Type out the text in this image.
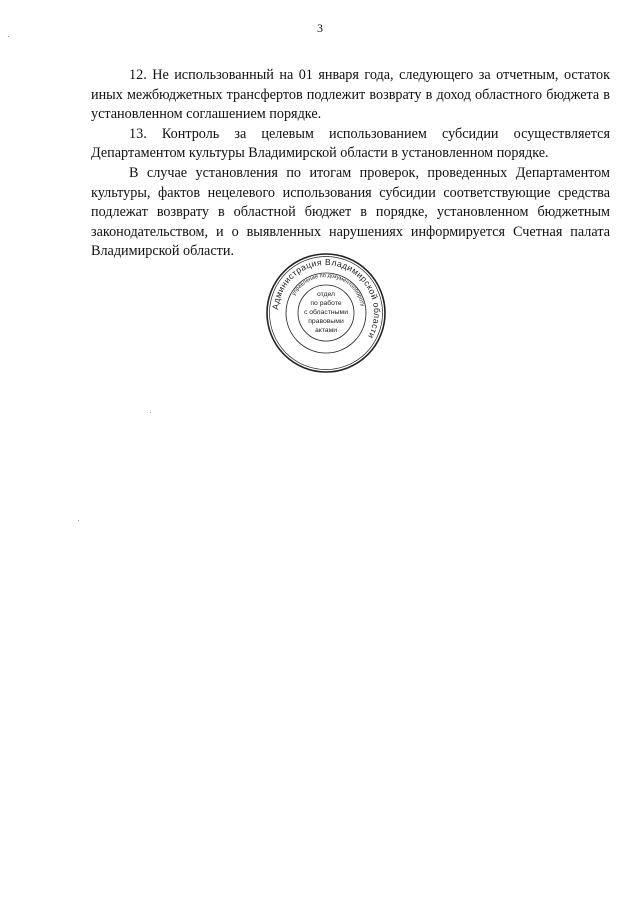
3

12. Не использованный на 01 января года, следующего за отчетным, остаток иных межбюджетных трансфертов подлежит возврату в доход областного бюджета в установленном соглашением порядке.

13. Контроль за целевым использованием субсидии осуществляется Департаментом культуры Владимирской области в установленном порядке.

В случае установления по итогам проверок, проведенных Департаментом культуры, фактов нецелевого использования субсидии соответствующие средства подлежат возврату в областной бюджет в порядке, установленном бюджетным законодательством, и о выявленных нарушениях информируется Счетная палата Владимирской области.

Администрация Владимирской области
управление по документообороту
отдел
по работе
с областными
правовыми
актами
